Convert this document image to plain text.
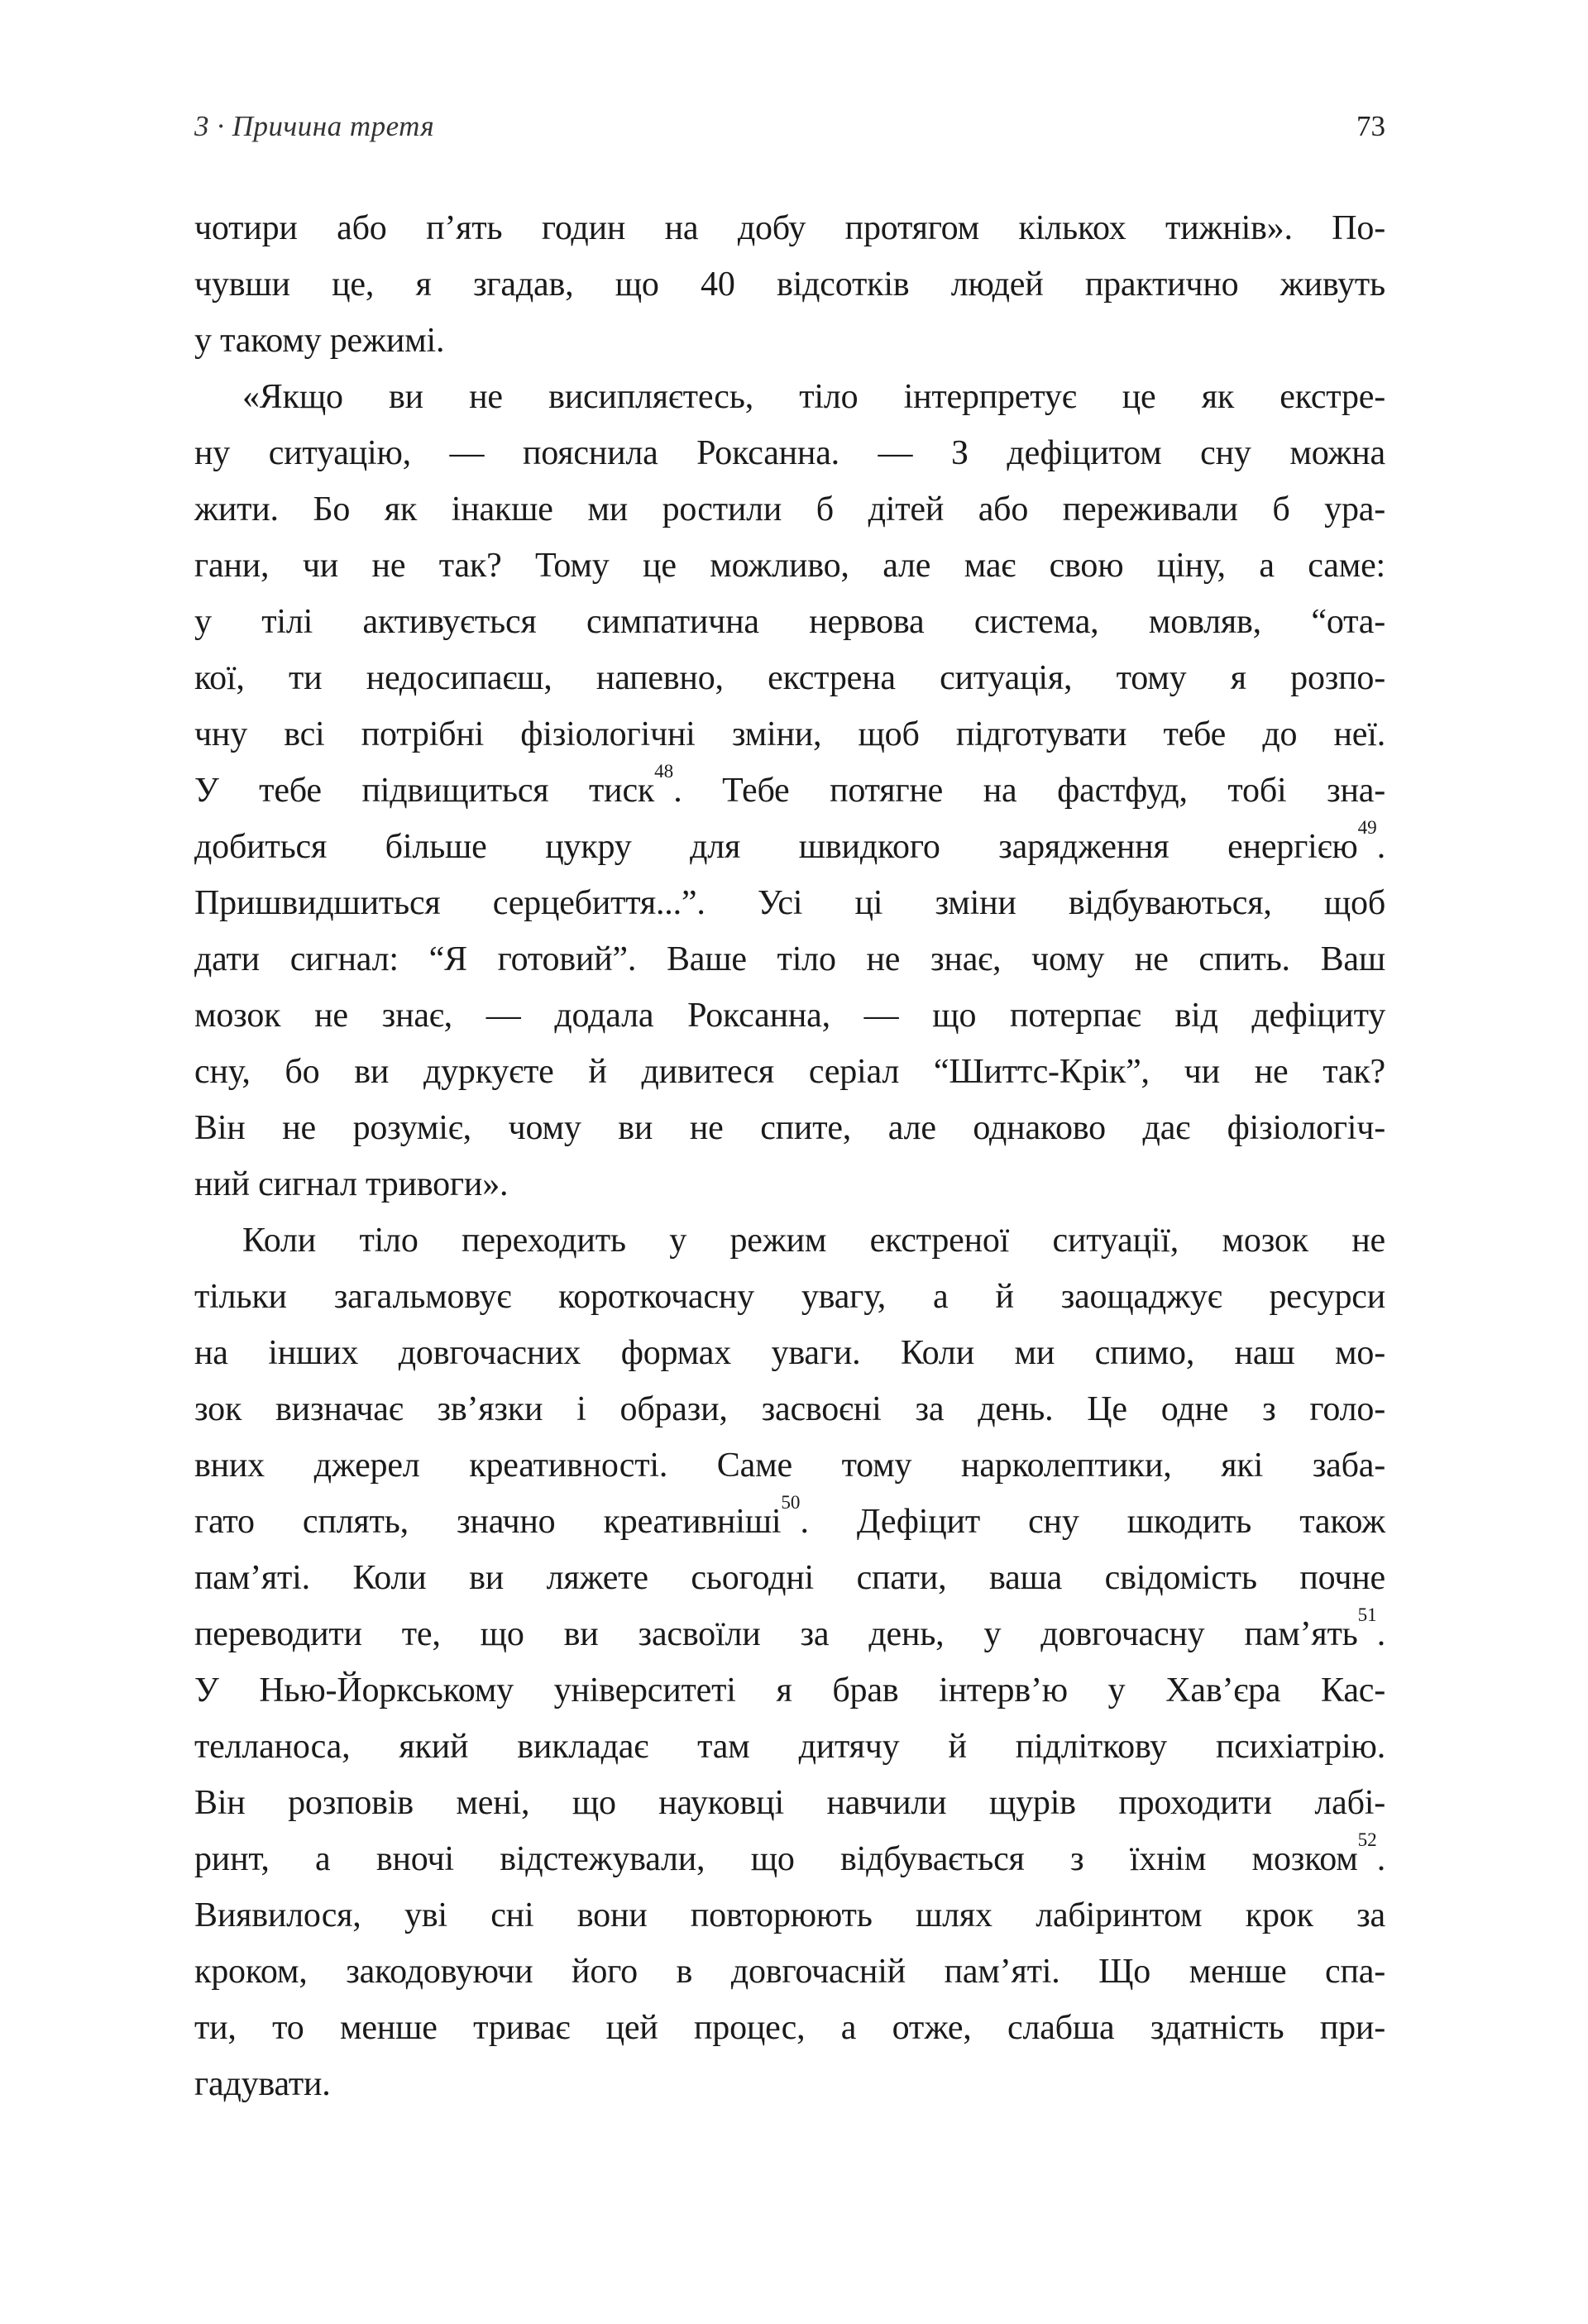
3 · Причина третя	73
чотири або п’ять годин на добу протягом кількох тижнів». По-
чувши це, я згадав, що 40 відсотків людей практично живуть
у такому режимі.
«Якщо ви не висипляєтесь, тіло інтерпретує це як екстре-
ну ситуацію, — пояснила Роксанна. — З дефіцитом сну можна
жити. Бо як інакше ми ростили б дітей або переживали б ура-
гани, чи не так? Тому це можливо, але має свою ціну, а саме:
у тілі активується симпатична нервова система, мовляв, “ота-
кої, ти недосипаєш, напевно, екстрена ситуація, тому я розпо-
чну всі потрібні фізіологічні зміни, щоб підготувати тебе до неї.
У тебе підвищиться тиск$^{48}$. Тебе потягне на фастфуд, тобі зна-
добиться більше цукру для швидкого зарядження енергією$^{49}$.
Пришвидшиться серцебиття...”. Усі ці зміни відбуваються, щоб
дати сигнал: “Я готовий”. Ваше тіло не знає, чому не спить. Ваш
мозок не знає, — додала Роксанна, — що потерпає від дефіциту
сну, бо ви дуркуєте й дивитеся серіал “Шиттс-Крік”, чи не так?
Він не розуміє, чому ви не спите, але однаково дає фізіологіч-
ний сигнал тривоги».
Коли тіло переходить у режим екстреної ситуації, мозок не
тільки загальмовує короткочасну увагу, а й заощаджує ресурси
на інших довгочасних формах уваги. Коли ми спимо, наш мо-
зок визначає зв’язки і образи, засвоєні за день. Це одне з голо-
вних джерел креативності. Саме тому нарколептики, які заба-
гато сплять, значно креативніші$^{50}$. Дефіцит сну шкодить також
пам’яті. Коли ви ляжете сьогодні спати, ваша свідомість почне
переводити те, що ви засвоїли за день, у довгочасну пам’ять$^{51}$.
У Нью-Йоркському університеті я брав інтерв’ю у Хав’єра Кас-
телланоса, який викладає там дитячу й підліткову психіатрію.
Він розповів мені, що науковці навчили щурів проходити лабі-
ринт, а вночі відстежували, що відбувається з їхнім мозком$^{52}$.
Виявилося, уві сні вони повторюють шлях лабіринтом крок за
кроком, закодовуючи його в довгочасній пам’яті. Що менше спа-
ти, то менше триває цей процес, а отже, слабша здатність при-
гадувати.
